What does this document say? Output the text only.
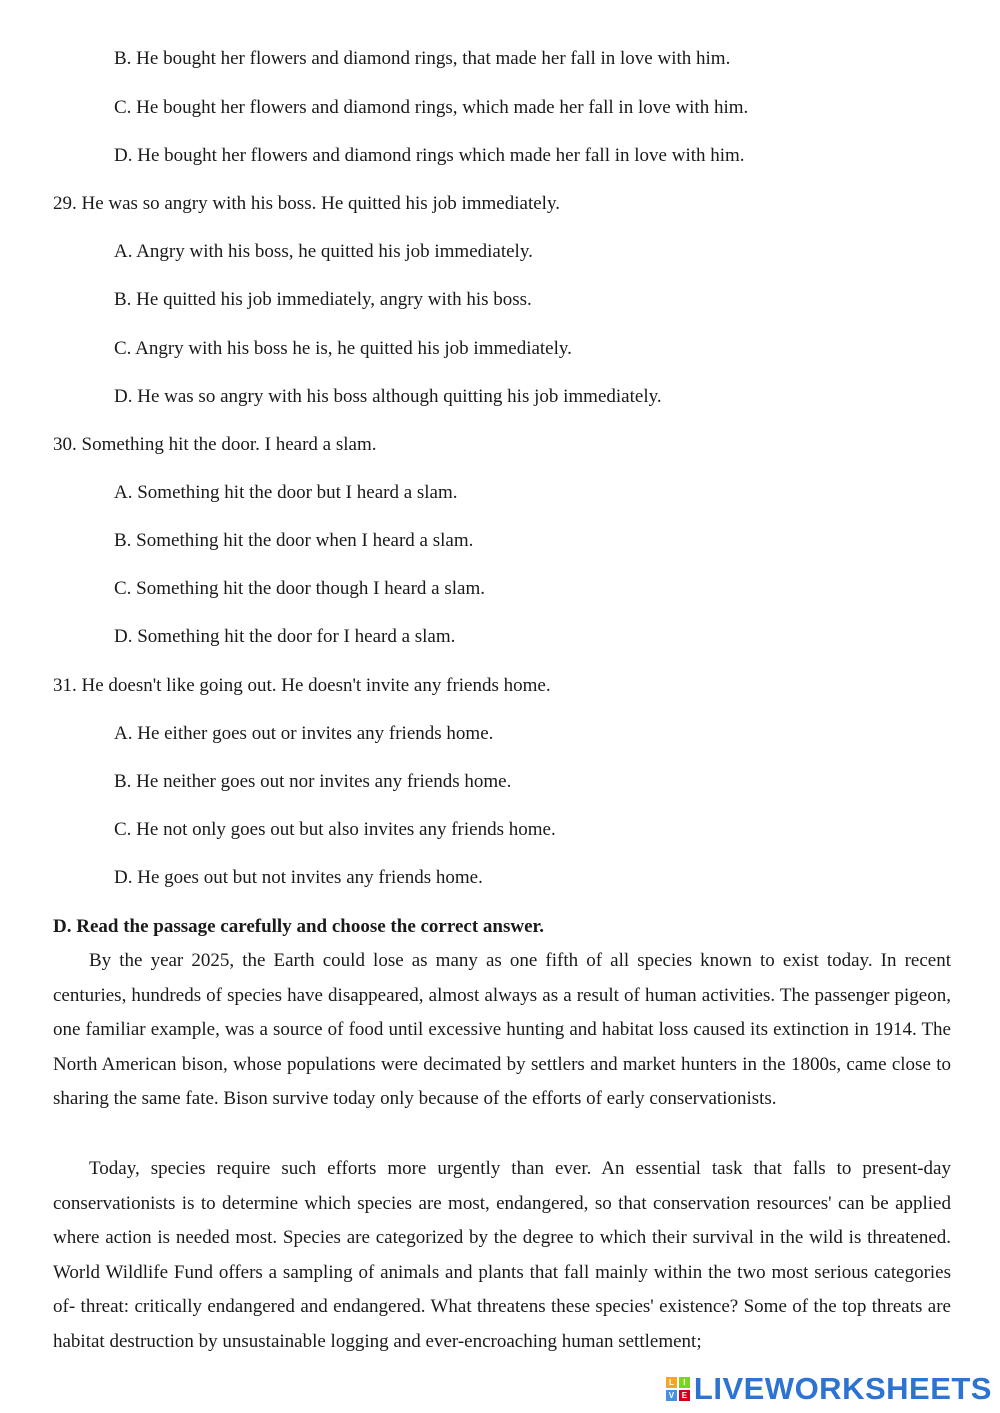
B. He bought her flowers and diamond rings, that made her fall in love with him.
C. He bought her flowers and diamond rings, which made her fall in love with him.
D. He bought her flowers and diamond rings which made her fall in love with him.
29. He was so angry with his boss. He quitted his job immediately.
A. Angry with his boss, he quitted his job immediately.
B. He quitted his job immediately, angry with his boss.
C. Angry with his boss he is, he quitted his job immediately.
D. He was so angry with his boss although quitting his job immediately.
30. Something hit the door. I heard a slam.
A. Something hit the door but I heard a slam.
B. Something hit the door when I heard a slam.
C. Something hit the door though I heard a slam.
D. Something hit the door for I heard a slam.
31. He doesn't like going out. He doesn't invite any friends home.
A. He either goes out or invites any friends home.
B. He neither goes out nor invites any friends home.
C. He not only goes out but also invites any friends home.
D. He goes out but not invites any friends home.
D. Read the passage carefully and choose the correct answer.
By the year 2025, the Earth could lose as many as one fifth of all species known to exist today. In recent centuries, hundreds of species have disappeared, almost always as a result of human activities. The passenger pigeon, one familiar example, was a source of food until excessive hunting and habitat loss caused its extinction in 1914. The North American bison, whose populations were decimated by settlers and market hunters in the 1800s, came close to sharing the same fate. Bison survive today only because of the efforts of early conservationists.
Today, species require such efforts more urgently than ever. An essential task that falls to present-day conservationists is to determine which species are most, endangered, so that conservation resources' can be applied where action is needed most. Species are categorized by the degree to which their survival in the wild is threatened. World Wildlife Fund offers a sampling of animals and plants that fall mainly within the two most serious categories of- threat: critically endangered and endangered. What threatens these species' existence? Some of the top threats are habitat destruction by unsustainable logging and ever-encroaching human settlement;
L	I
V E LIVEWORKSHEETS
